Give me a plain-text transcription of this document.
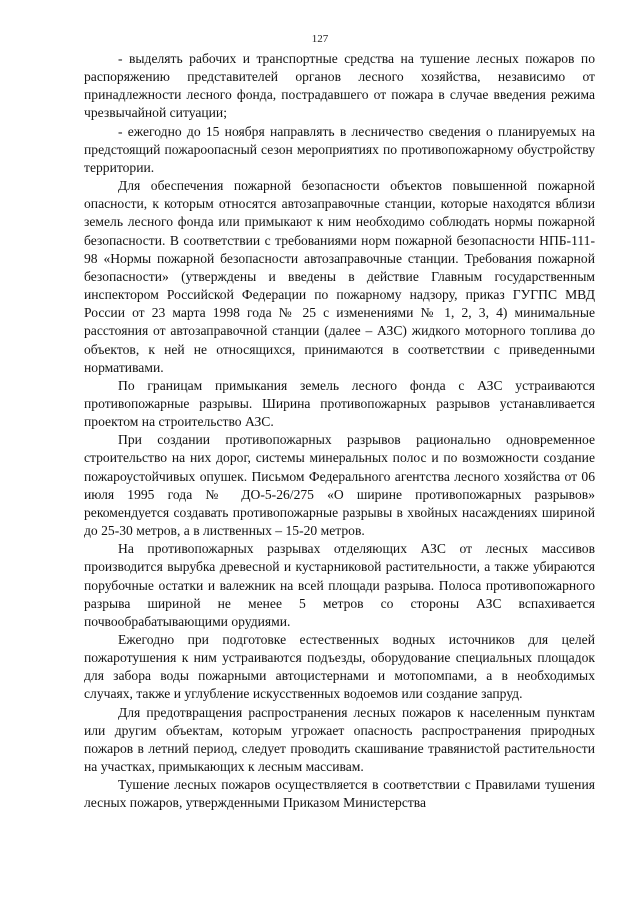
127

- выделять рабочих и транспортные средства на тушение лесных пожаров по распоряжению представителей органов лесного хозяйства, независимо от принадлежности лесного фонда, пострадавшего от пожара в случае введения режима чрезвычайной ситуации;

- ежегодно до 15 ноября направлять в лесничество сведения о планируемых на предстоящий пожароопасный сезон мероприятиях по противопожарному обустройству территории.

Для обеспечения пожарной безопасности объектов повышенной пожарной опасности, к которым относятся автозаправочные станции, которые находятся вблизи земель лесного фонда или примыкают к ним необходимо соблюдать нормы пожарной безопасности. В соответствии с требованиями норм пожарной безопасности НПБ-111-98 «Нормы пожарной безопасности автозаправочные станции. Требования пожарной безопасности» (утверждены и введены в действие Главным государственным инспектором Российской Федерации по пожарному надзору, приказ ГУГПС МВД России от 23 марта 1998 года № 25 с изменениями № 1, 2, 3, 4) минимальные расстояния от автозаправочной станции (далее – АЗС) жидкого моторного топлива до объектов, к ней не относящихся, принимаются в соответствии с приведенными нормативами.

По границам примыкания земель лесного фонда с АЗС устраиваются противопожарные разрывы. Ширина противопожарных разрывов устанавливается проектом на строительство АЗС.

При создании противопожарных разрывов рационально одновременное строительство на них дорог, системы минеральных полос и по возможности создание пожароустойчивых опушек. Письмом Федерального агентства лесного хозяйства от 06 июля 1995 года № ДО-5-26/275 «О ширине противопожарных разрывов» рекомендуется создавать противопожарные разрывы в хвойных насаждениях шириной до 25-30 метров, а в лиственных – 15-20 метров.

На противопожарных разрывах отделяющих АЗС от лесных массивов производится вырубка древесной и кустарниковой растительности, а также убираются порубочные остатки и валежник на всей площади разрыва. Полоса противопожарного разрыва шириной не менее 5 метров со стороны АЗС вспахивается почвообрабатывающими орудиями.

Ежегодно при подготовке естественных водных источников для целей пожаротушения к ним устраиваются подъезды, оборудование специальных площадок для забора воды пожарными автоцистернами и мотопомпами, а в необходимых случаях, также и углубление искусственных водоемов или создание запруд.

Для предотвращения распространения лесных пожаров к населенным пунктам или другим объектам, которым угрожает опасность распространения природных пожаров в летний период, следует проводить скашивание травянистой растительности на участках, примыкающих к лесным массивам.

Тушение лесных пожаров осуществляется в соответствии с Правилами тушения лесных пожаров, утвержденными Приказом Министерства
